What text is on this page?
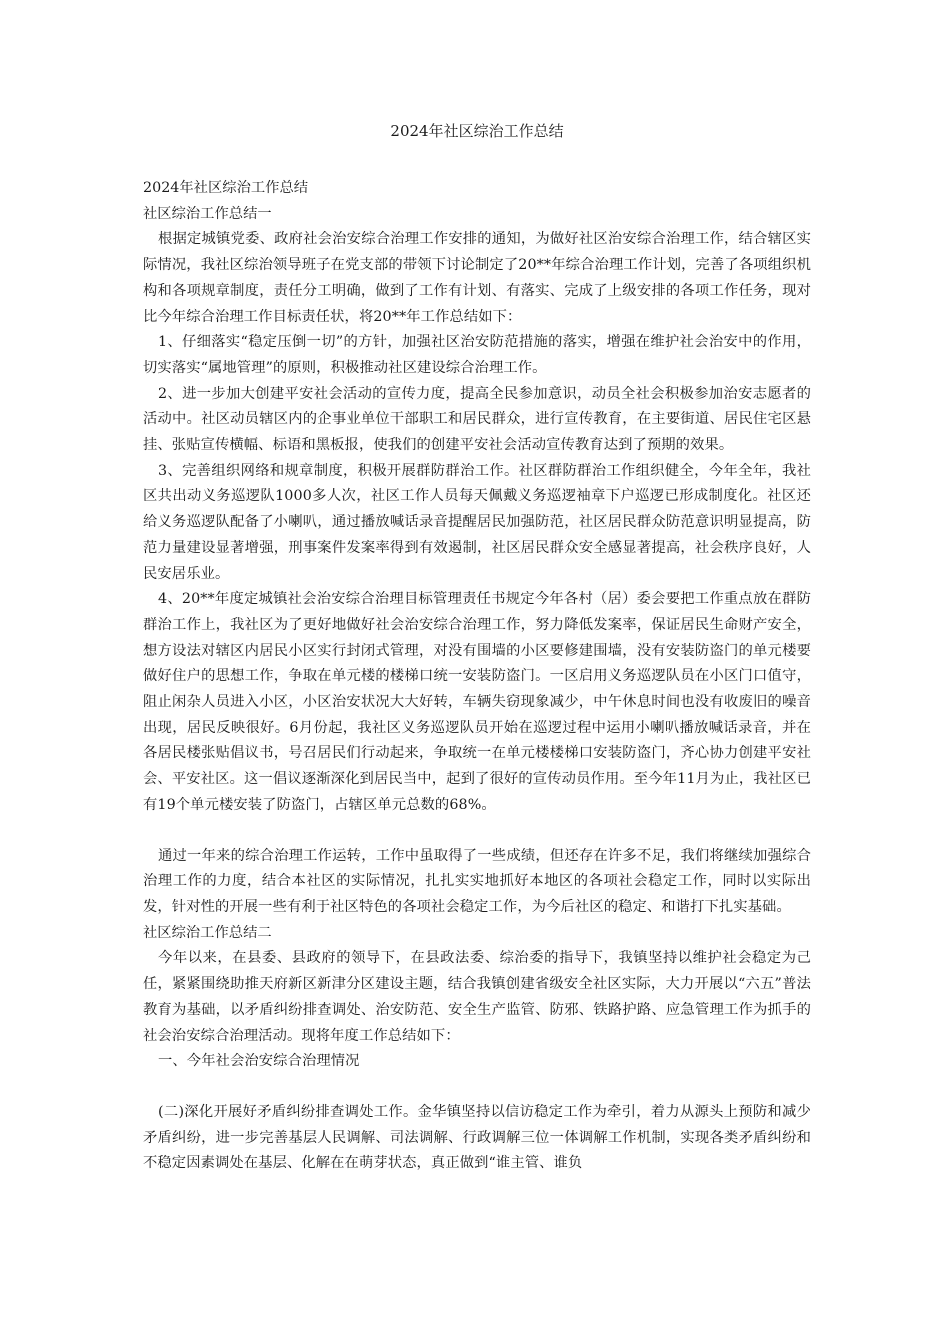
2024年社区综治工作总结

2024年社区综治工作总结

社区综治工作总结一

根据定城镇党委、政府社会治安综合治理工作安排的通知，为做好社区治安综合治理工作，结合辖区实际情况，我社区综治领导班子在党支部的带领下讨论制定了20**年综合治理工作计划，完善了各项组织机构和各项规章制度，责任分工明确，做到了工作有计划、有落实、完成了上级安排的各项工作任务，现对比今年综合治理工作目标责任状，将20**年工作总结如下：

1、仔细落实“稳定压倒一切”的方针，加强社区治安防范措施的落实，增强在维护社会治安中的作用，切实落实“属地管理”的原则，积极推动社区建设综合治理工作。

2、进一步加大创建平安社会活动的宣传力度，提高全民参加意识，动员全社会积极参加治安志愿者的活动中。社区动员辖区内的企事业单位干部职工和居民群众，进行宣传教育，在主要街道、居民住宅区悬挂、张贴宣传横幅、标语和黑板报，使我们的创建平安社会活动宣传教育达到了预期的效果。

3、完善组织网络和规章制度，积极开展群防群治工作。社区群防群治工作组织健全，今年全年，我社区共出动义务巡逻队1000多人次，社区工作人员每天佩戴义务巡逻袖章下户巡逻已形成制度化。社区还给义务巡逻队配备了小喇叭，通过播放喊话录音提醒居民加强防范，社区居民群众防范意识明显提高，防范力量建设显著增强，刑事案件发案率得到有效遏制，社区居民群众安全感显著提高，社会秩序良好，人民安居乐业。

4、20**年度定城镇社会治安综合治理目标管理责任书规定今年各村（居）委会要把工作重点放在群防群治工作上，我社区为了更好地做好社会治安综合治理工作，努力降低发案率，保证居民生命财产安全，想方设法对辖区内居民小区实行封闭式管理，对没有围墙的小区要修建围墙，没有安装防盗门的单元楼要做好住户的思想工作，争取在单元楼的楼梯口统一安装防盗门。一区启用义务巡逻队员在小区门口值守，阻止闲杂人员进入小区，小区治安状况大大好转，车辆失窃现象减少，中午休息时间也没有收废旧的噪音出现，居民反映很好。6月份起，我社区义务巡逻队员开始在巡逻过程中运用小喇叭播放喊话录音，并在各居民楼张贴倡议书，号召居民们行动起来，争取统一在单元楼楼梯口安装防盗门，齐心协力创建平安社会、平安社区。这一倡议逐渐深化到居民当中，起到了很好的宣传动员作用。至今年11月为止，我社区已有19个单元楼安装了防盗门，占辖区单元总数的68%。

通过一年来的综合治理工作运转，工作中虽取得了一些成绩，但还存在许多不足，我们将继续加强综合治理工作的力度，结合本社区的实际情况，扎扎实实地抓好本地区的各项社会稳定工作，同时以实际出发，针对性的开展一些有利于社区特色的各项社会稳定工作，为今后社区的稳定、和谐打下扎实基础。

社区综治工作总结二

今年以来，在县委、县政府的领导下，在县政法委、综治委的指导下，我镇坚持以维护社会稳定为己任，紧紧围绕助推天府新区新津分区建设主题，结合我镇创建省级安全社区实际，大力开展以“六五”普法教育为基础，以矛盾纠纷排查调处、治安防范、安全生产监管、防邪、铁路护路、应急管理工作为抓手的社会治安综合治理活动。现将年度工作总结如下：

一、今年社会治安综合治理情况

(二)深化开展好矛盾纠纷排查调处工作。金华镇坚持以信访稳定工作为牵引，着力从源头上预防和减少矛盾纠纷，进一步完善基层人民调解、司法调解、行政调解三位一体调解工作机制，实现各类矛盾纠纷和不稳定因素调处在基层、化解在在萌芽状态，真正做到“谁主管、谁负
